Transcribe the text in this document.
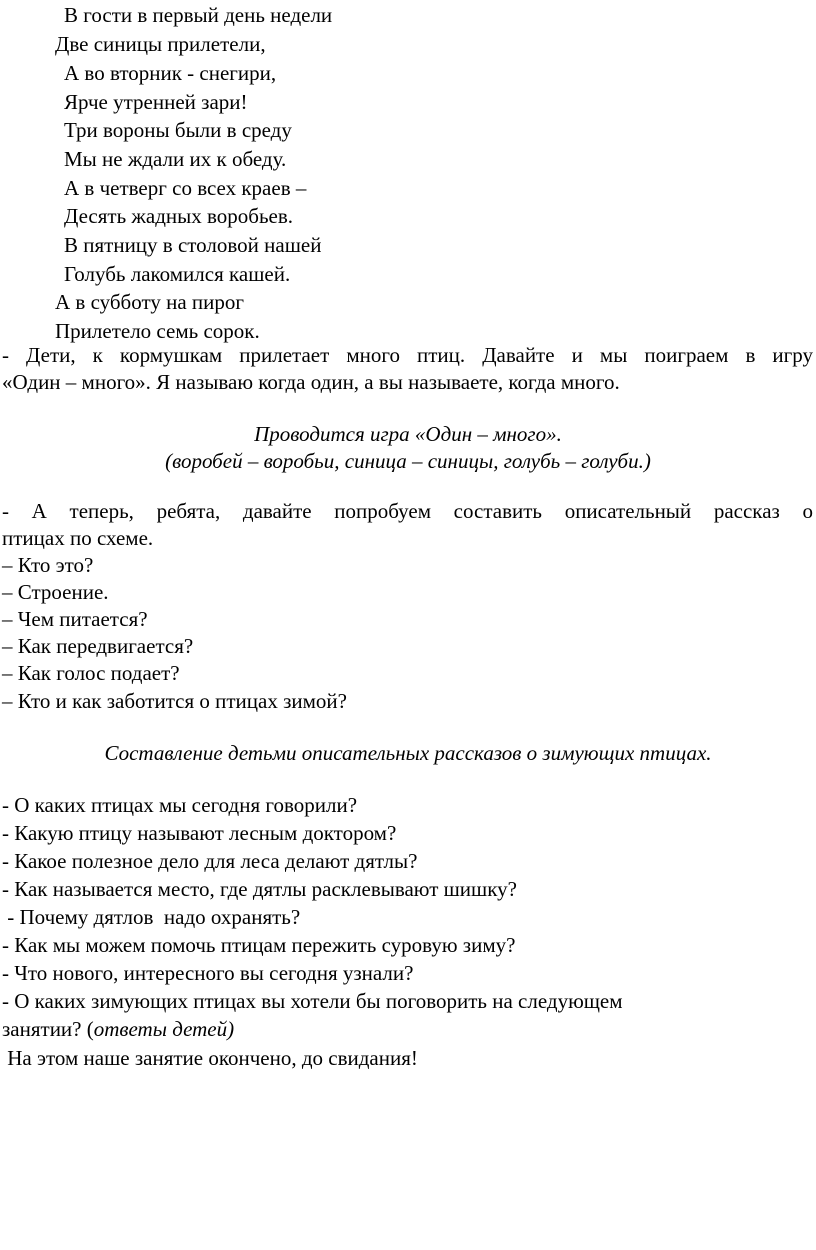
В гости в первый день недели
Две синицы прилетели,
А во вторник - снегири,
Ярче утренней зари!
Три вороны были в среду
Мы не ждали их к обеду.
А в четверг со всех краев –
Десять жадных воробьев.
В пятницу в столовой нашей
Голубь лакомился кашей.
А в субботу на пирог
Прилетело семь сорок.
- Дети, к кормушкам прилетает много птиц. Давайте и мы поиграем в игру
«Один – много». Я называю когда один, а вы называете, когда много.
Проводится игра «Один – много».
(воробей – воробьи, синица – синицы, голубь – голуби.)
- А теперь, ребята, давайте попробуем составить описательный рассказ о
птицах по схеме.
– Кто это?
– Строение.
– Чем питается?
– Как передвигается?
– Как голос подает?
– Кто и как заботится о птицах зимой?
Составление детьми описательных рассказов о зимующих птицах.
- О каких птицах мы сегодня говорили?
- Какую птицу называют лесным доктором?
- Какое полезное дело для леса делают дятлы?
- Как называется место, где дятлы расклевывают шишку?
- Почему дятлов  надо охранять?
- Как мы можем помочь птицам пережить суровую зиму?
- Что нового, интересного вы сегодня узнали?
- О каких зимующих птицах вы хотели бы поговорить на следующем
занятии? (ответы детей)
На этом наше занятие окончено, до свидания!
